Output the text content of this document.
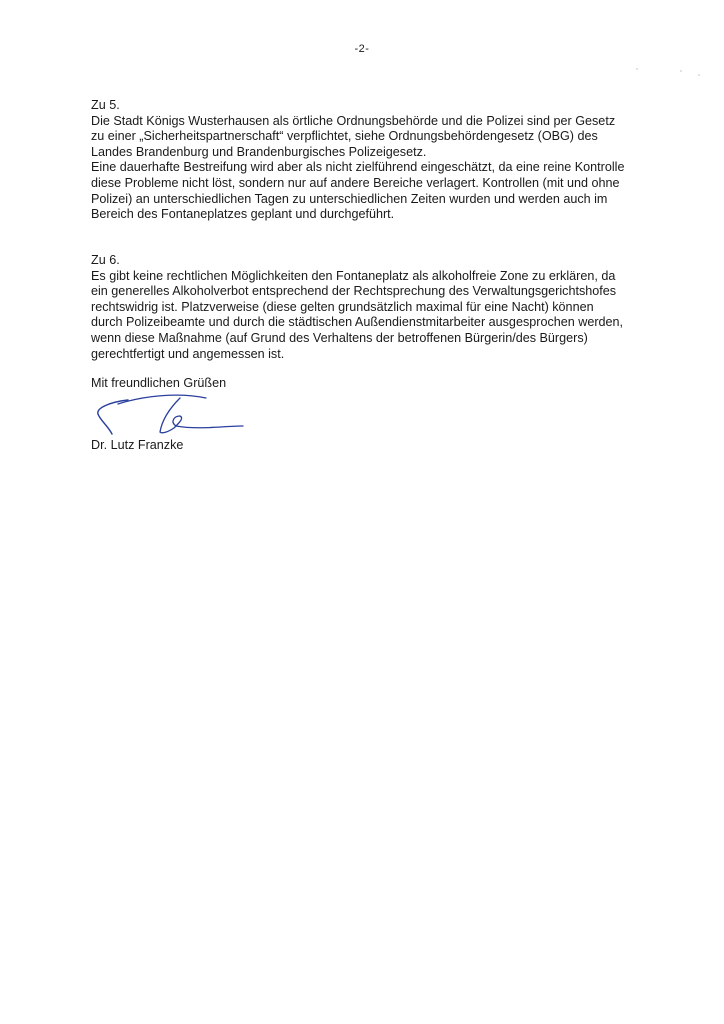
-2-
Zu 5.
Die Stadt Königs Wusterhausen als örtliche Ordnungsbehörde und die Polizei sind per Gesetz
zu einer „Sicherheitspartnerschaft“ verpflichtet, siehe Ordnungsbehördengesetz (OBG) des
Landes Brandenburg und Brandenburgisches Polizeigesetz.
Eine dauerhafte Bestreifung wird aber als nicht zielführend eingeschätzt, da eine reine Kontrolle
diese Probleme nicht löst, sondern nur auf andere Bereiche verlagert. Kontrollen (mit und ohne
Polizei) an unterschiedlichen Tagen zu unterschiedlichen Zeiten wurden und werden auch im
Bereich des Fontaneplatzes geplant und durchgeführt.
Zu 6.
Es gibt keine rechtlichen Möglichkeiten den Fontaneplatz als alkoholfreie Zone zu erklären, da
ein generelles Alkoholverbot entsprechend der Rechtsprechung des Verwaltungsgerichtshofes
rechtswidrig ist. Platzverweise (diese gelten grundsätzlich maximal für eine Nacht) können
durch Polizeibeamte und durch die städtischen Außendienstmitarbeiter ausgesprochen werden,
wenn diese Maßnahme (auf Grund des Verhaltens der betroffenen Bürgerin/des Bürgers)
gerechtfertigt und angemessen ist.
Mit freundlichen Grüßen
Dr. Lutz Franzke
